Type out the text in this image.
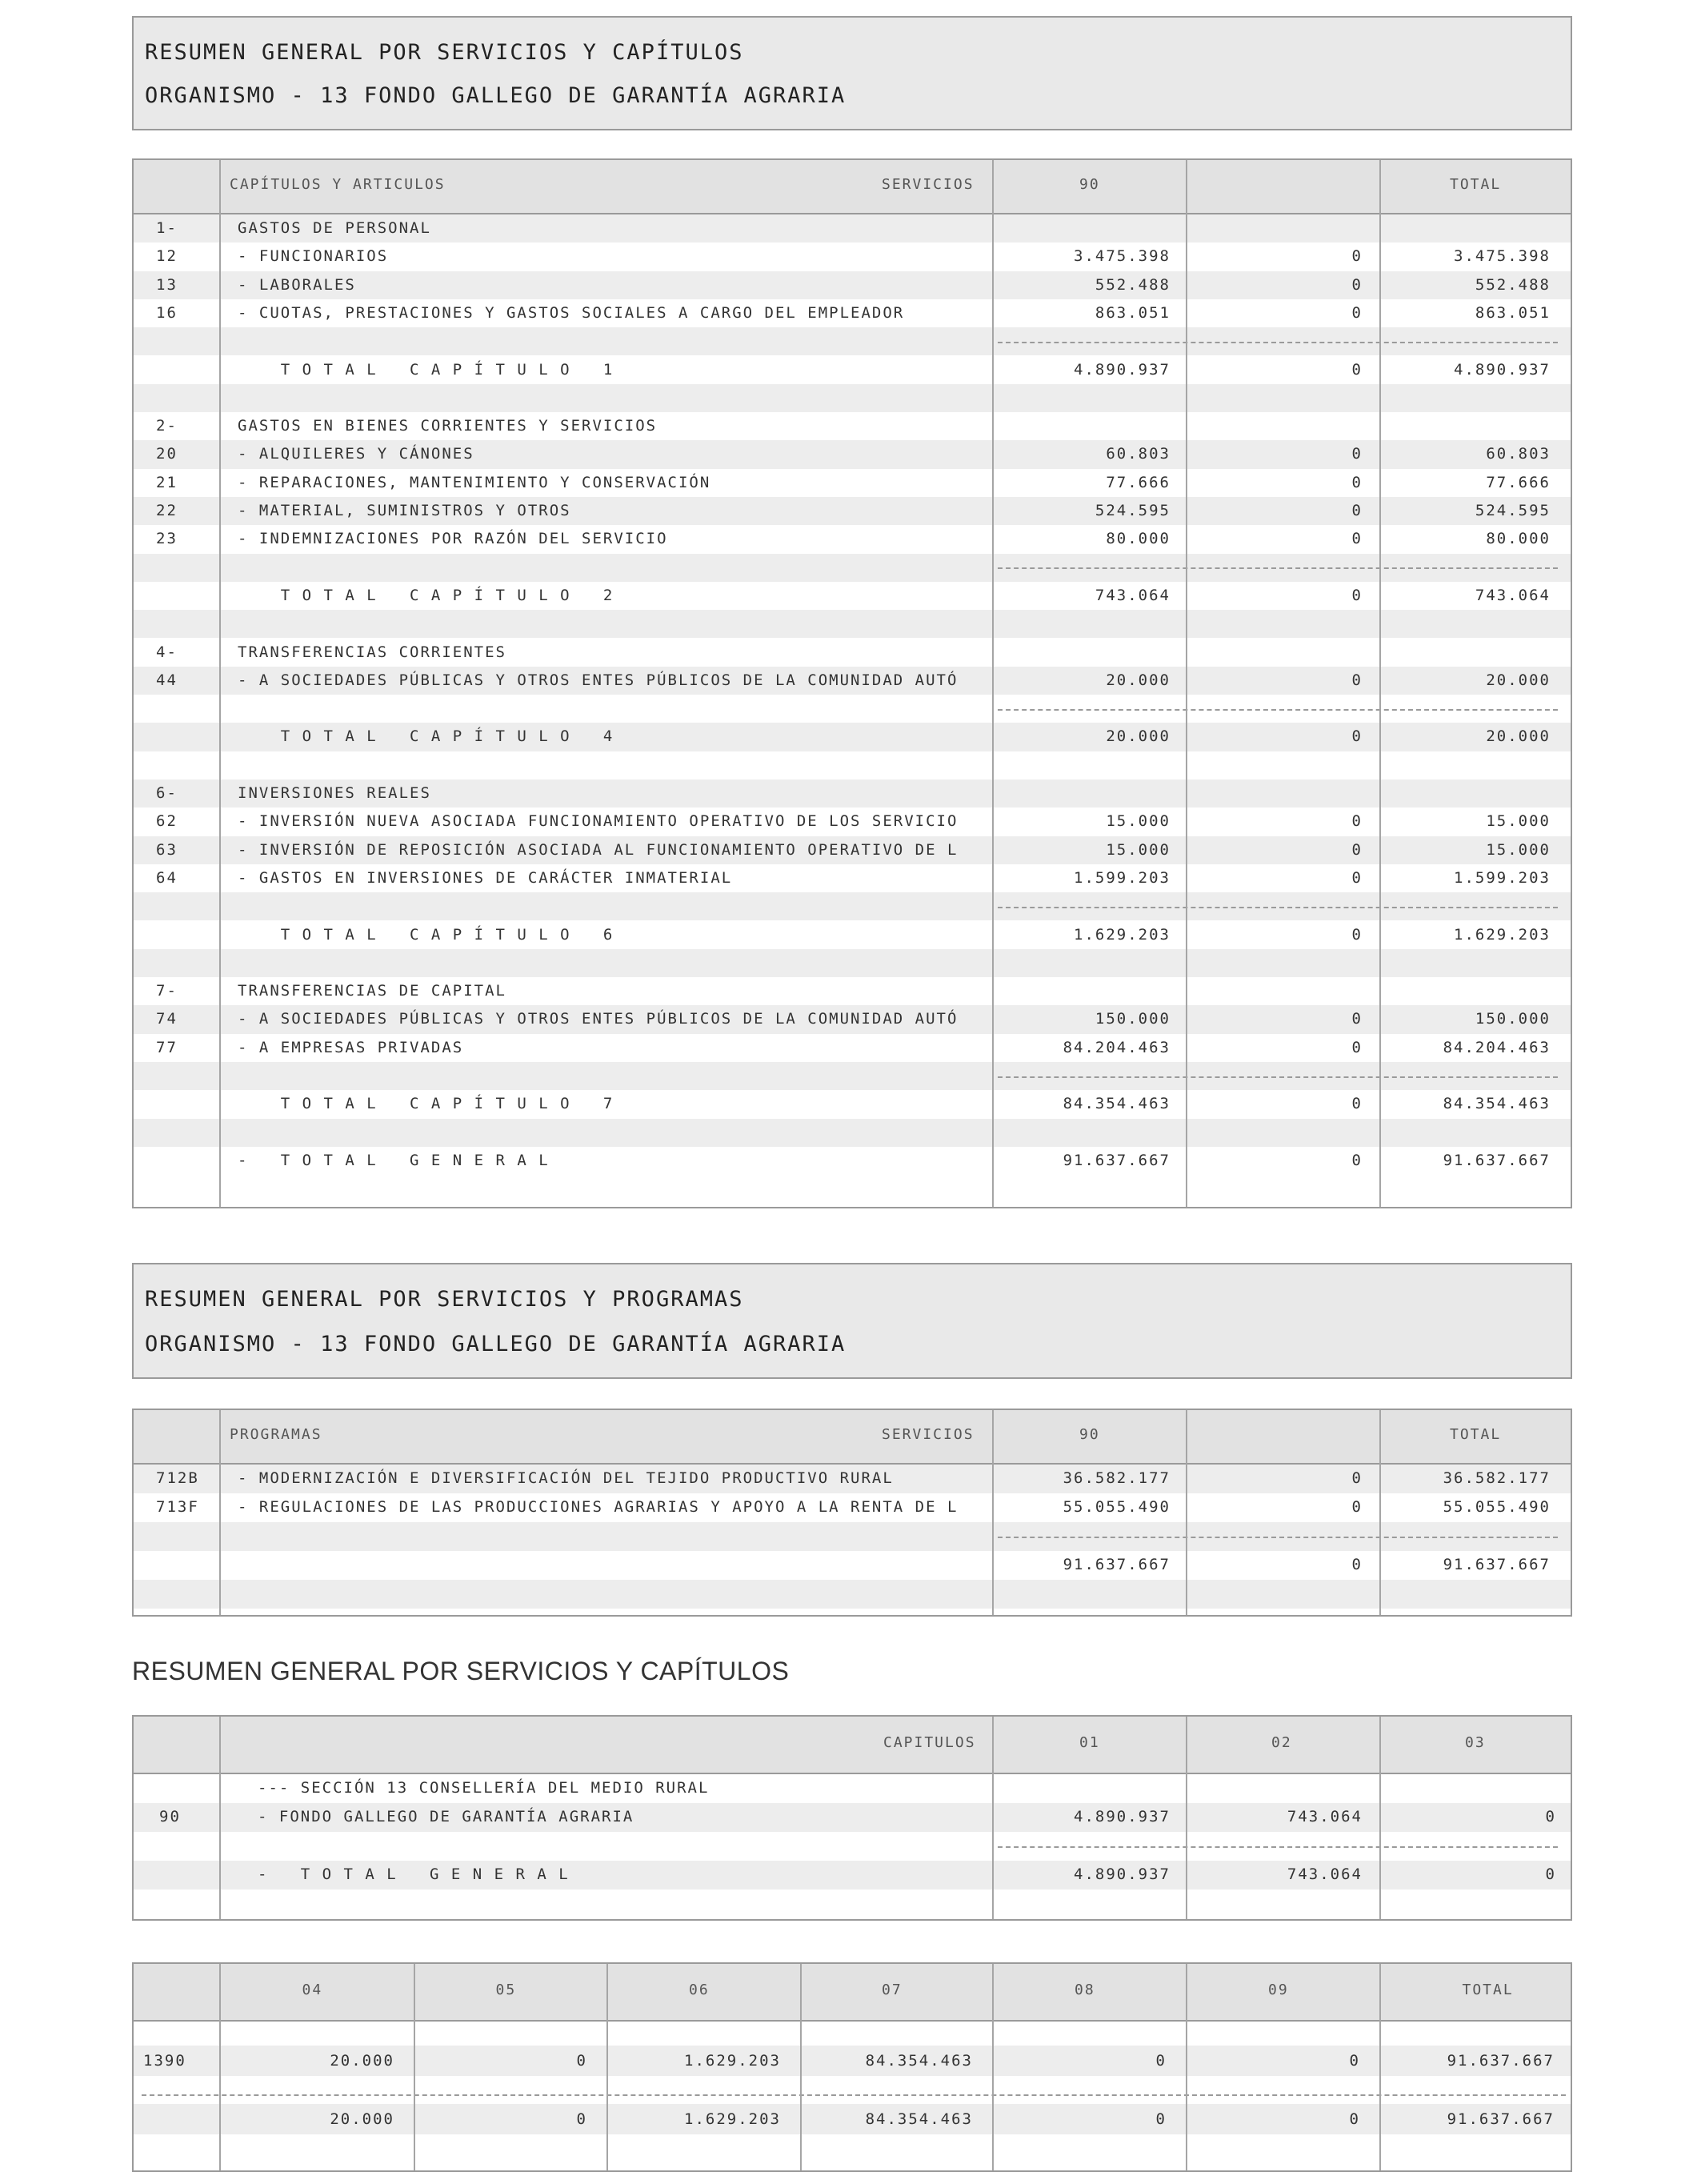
RESUMEN GENERAL POR SERVICIOS Y CAPÍTULOS
ORGANISMO - 13 FONDO GALLEGO DE GARANTÍA AGRARIA
CAPÍTULOS Y ARTICULOS	SERVICIOS	90	TOTAL
1-	GASTOS DE PERSONAL
12	- FUNCIONARIOS	3.475.398	0	3.475.398
13	- LABORALES	552.488	0	552.488
16	- CUOTAS, PRESTACIONES Y GASTOS SOCIALES A CARGO DEL EMPLEADOR	863.051	0	863.051
T O T A L   C A P Í T U L O   1	4.890.937	0	4.890.937
2-	GASTOS EN BIENES CORRIENTES Y SERVICIOS
20	- ALQUILERES Y CÁNONES	60.803	0	60.803
21	- REPARACIONES, MANTENIMIENTO Y CONSERVACIÓN	77.666	0	77.666
22	- MATERIAL, SUMINISTROS Y OTROS	524.595	0	524.595
23	- INDEMNIZACIONES POR RAZÓN DEL SERVICIO	80.000	0	80.000
T O T A L   C A P Í T U L O   2	743.064	0	743.064
4-	TRANSFERENCIAS CORRIENTES
44	- A SOCIEDADES PÚBLICAS Y OTROS ENTES PÚBLICOS DE LA COMUNIDAD AUTÓ	20.000	0	20.000
T O T A L   C A P Í T U L O   4	20.000	0	20.000
6-	INVERSIONES REALES
62	- INVERSIÓN NUEVA ASOCIADA FUNCIONAMIENTO OPERATIVO DE LOS SERVICIO	15.000	0	15.000
63	- INVERSIÓN DE REPOSICIÓN ASOCIADA AL FUNCIONAMIENTO OPERATIVO DE L	15.000	0	15.000
64	- GASTOS EN INVERSIONES DE CARÁCTER INMATERIAL	1.599.203	0	1.599.203
T O T A L   C A P Í T U L O   6	1.629.203	0	1.629.203
7-	TRANSFERENCIAS DE CAPITAL
74	- A SOCIEDADES PÚBLICAS Y OTROS ENTES PÚBLICOS DE LA COMUNIDAD AUTÓ	150.000	0	150.000
77	- A EMPRESAS PRIVADAS	84.204.463	0	84.204.463
T O T A L   C A P Í T U L O   7	84.354.463	0	84.354.463
-   T O T A L   G E N E R A L	91.637.667	0	91.637.667
RESUMEN GENERAL POR SERVICIOS Y PROGRAMAS
ORGANISMO - 13 FONDO GALLEGO DE GARANTÍA AGRARIA
PROGRAMAS	SERVICIOS	90	TOTAL
712B	- MODERNIZACIÓN E DIVERSIFICACIÓN DEL TEJIDO PRODUCTIVO RURAL	36.582.177	0	36.582.177
713F	- REGULACIONES DE LAS PRODUCCIONES AGRARIAS Y APOYO A LA RENTA DE L	55.055.490	0	55.055.490
91.637.667	0	91.637.667
RESUMEN GENERAL POR SERVICIOS Y CAPÍTULOS
CAPITULOS	01	02	03
--- SECCIÓN 13 CONSELLERÍA DEL MEDIO RURAL
90	- FONDO GALLEGO DE GARANTÍA AGRARIA	4.890.937	743.064	0
-   T O T A L   G E N E R A L	4.890.937	743.064	0
04	05	06	07	08	09	TOTAL
1390	20.000	0	1.629.203	84.354.463	0	0	91.637.667
20.000	0	1.629.203	84.354.463	0	0	91.637.667
